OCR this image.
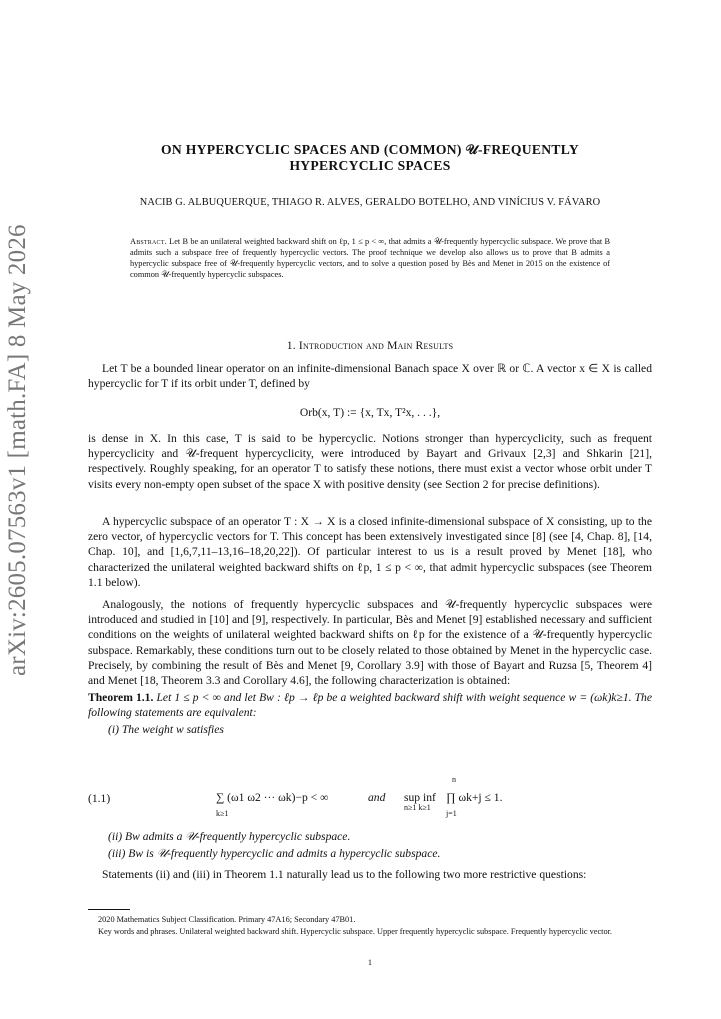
arXiv:2605.07563v1 [math.FA] 8 May 2026
ON HYPERCYCLIC SPACES AND (COMMON) 𝒰-FREQUENTLY
HYPERCYCLIC SPACES
NACIB G. ALBUQUERQUE, THIAGO R. ALVES, GERALDO BOTELHO, AND VINÍCIUS V. FÁVARO
Abstract. Let B be an unilateral weighted backward shift on ℓp, 1 ≤ p < ∞, that admits a 𝒰-frequently hypercyclic subspace. We prove that B admits such a subspace free of frequently hypercyclic vectors. The proof technique we develop also allows us to prove that B admits a hypercyclic subspace free of 𝒰-frequently hypercyclic vectors, and to solve a question posed by Bès and Menet in 2015 on the existence of common 𝒰-frequently hypercyclic subspaces.
1. Introduction and Main Results
Let T be a bounded linear operator on an infinite-dimensional Banach space X over ℝ or ℂ. A vector x ∈ X is called hypercyclic for T if its orbit under T, defined by
Orb(x, T) := {x, Tx, T²x, . . .},
is dense in X. In this case, T is said to be hypercyclic. Notions stronger than hypercyclicity, such as frequent hypercyclicity and 𝒰-frequent hypercyclicity, were introduced by Bayart and Grivaux [2,3] and Shkarin [21], respectively. Roughly speaking, for an operator T to satisfy these notions, there must exist a vector whose orbit under T visits every non-empty open subset of the space X with positive density (see Section 2 for precise definitions).
A hypercyclic subspace of an operator T : X → X is a closed infinite-dimensional subspace of X consisting, up to the zero vector, of hypercyclic vectors for T. This concept has been extensively investigated since [8] (see [4, Chap. 8], [14, Chap. 10], and [1,6,7,11–13,16–18,20,22]). Of particular interest to us is a result proved by Menet [18], who characterized the unilateral weighted backward shifts on ℓp, 1 ≤ p < ∞, that admit hypercyclic subspaces (see Theorem 1.1 below).
Analogously, the notions of frequently hypercyclic subspaces and 𝒰-frequently hypercyclic subspaces were introduced and studied in [10] and [9], respectively. In particular, Bès and Menet [9] established necessary and sufficient conditions on the weights of unilateral weighted backward shifts on ℓp for the existence of a 𝒰-frequently hypercyclic subspace. Remarkably, these conditions turn out to be closely related to those obtained by Menet in the hypercyclic case. Precisely, by combining the result of Bès and Menet [9, Corollary 3.9] with those of Bayart and Ruzsa [5, Theorem 4] and Menet [18, Theorem 3.3 and Corollary 4.6], the following characterization is obtained:
Theorem 1.1. Let 1 ≤ p < ∞ and let Bw : ℓp → ℓp be a weighted backward shift with weight sequence w = (ωk)k≥1. The following statements are equivalent:
(i) The weight w satisfies
(1.1)	∑ (ω1 ω2 ··· ωk)−p < ∞
k≥1
and sup inf
n≥1 k≥1
n
∏ ωk+j ≤ 1.
j=1
(ii) Bw admits a 𝒰-frequently hypercyclic subspace.
(iii) Bw is 𝒰-frequently hypercyclic and admits a hypercyclic subspace.
Statements (ii) and (iii) in Theorem 1.1 naturally lead us to the following two more restrictive questions:
2020 Mathematics Subject Classification. Primary 47A16; Secondary 47B01.
Key words and phrases. Unilateral weighted backward shift. Hypercyclic subspace. Upper frequently hypercyclic subspace. Frequently hypercyclic vector.
1
